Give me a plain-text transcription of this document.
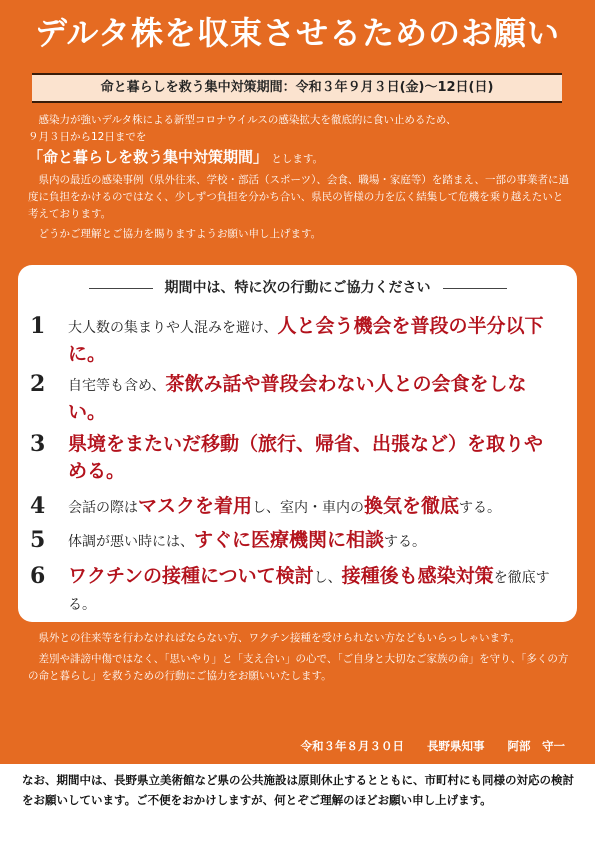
デルタ株を収束させるためのお願い
命と暮らしを救う集中対策期間：令和３年９月３日(金)～12日(日)

感染力が強いデルタ株による新型コロナウイルスの感染拡大を徹底的に食い止めるため、

９月３日から12日までを

「命と暮らしを救う集中対策期間」 とします。

県内の最近の感染事例（県外往来、学校・部活（スポーツ）、会食、職場・家庭等）を踏まえ、一部の事業者に過度に負担をかけるのではなく、少しずつ負担を分かち合い、県民の皆様の力を広く結集して危機を乗り越えたいと考えております。

どうかご理解とご協力を賜りますようお願い申し上げます。

期間中は、特に次の行動にご協力ください
1	大人数の集まりや人混みを避け、人と会う機会を普段の半分以下に。
2	自宅等も含め、茶飲み話や普段会わない人との会食をしない。
3	県境をまたいだ移動（旅行、帰省、出張など）を取りやめる。
4	会話の際はマスクを着用し、室内・車内の換気を徹底する。
5	体調が悪い時には、すぐに医療機関に相談する。
6	ワクチンの接種について検討し、接種後も感染対策を徹底する。

県外との往来等を行わなければならない方、ワクチン接種を受けられない方などもいらっしゃいます。

差別や誹謗中傷ではなく、「思いやり」と「支え合い」の心で、「ご自身と大切なご家族の命」を守り、「多くの方の命と暮らし」を救うための行動にご協力をお願いいたします。

令和３年８月３０日　　長野県知事　　阿部　守一
なお、期間中は、長野県立美術館など県の公共施設は原則休止するとともに、市町村にも同様の対応の検討をお願いしています。ご不便をおかけしますが、何とぞご理解のほどお願い申し上げます。
